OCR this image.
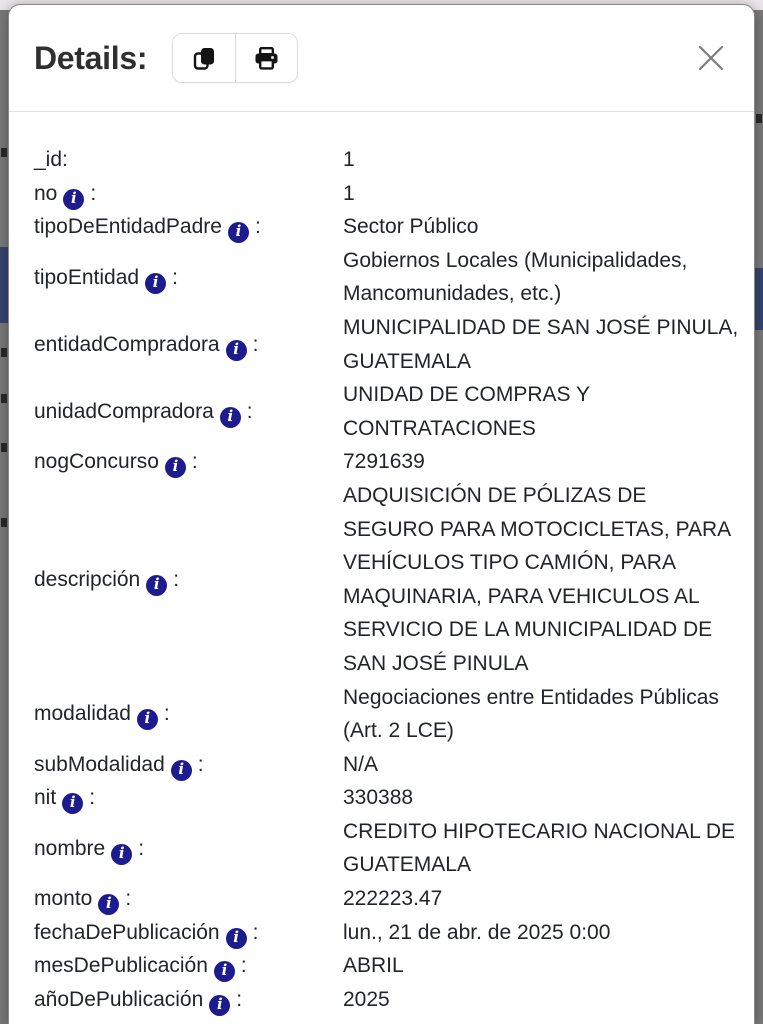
Details:
_id:	1
no i :	1
tipoDeEntidadPadre i :	Sector Público
tipoEntidad i :
Gobiernos Locales (Municipalidades, Mancomunidades, etc.)
entidadCompradora i :
MUNICIPALIDAD DE SAN JOSÉ PINULA, GUATEMALA
unidadCompradora i :
UNIDAD DE COMPRAS Y CONTRATACIONES
nogConcurso i :	7291639
descripción i :
ADQUISICIÓN DE PÓLIZAS DE SEGURO PARA MOTOCICLETAS, PARA VEHÍCULOS TIPO CAMIÓN, PARA MAQUINARIA, PARA VEHICULOS AL SERVICIO DE LA MUNICIPALIDAD DE SAN JOSÉ PINULA
modalidad i :
Negociaciones entre Entidades Públicas (Art. 2 LCE)
subModalidad i :	N/A
nit i :	330388
nombre i :
CREDITO HIPOTECARIO NACIONAL DE GUATEMALA
monto i :	222223.47
fechaDePublicación i :	lun., 21 de abr. de 2025 0:00
mesDePublicación i :	ABRIL
añoDePublicación i :	2025
